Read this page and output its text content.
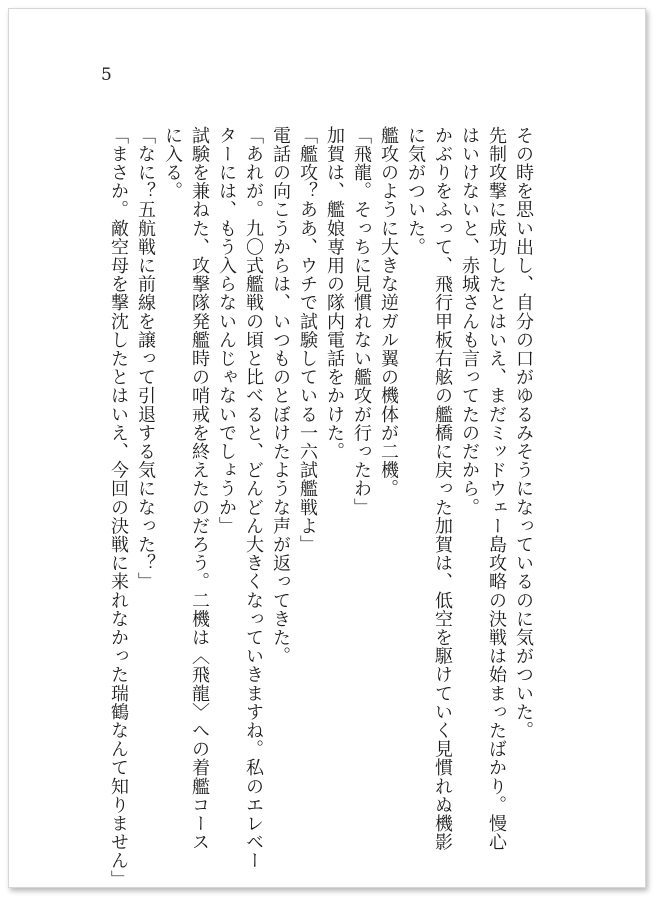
5

その時を思い出し、自分の口がゆるみそうになっているのに気がついた。

先制攻撃に成功したとはいえ、まだミッドウェー島攻略の決戦は始まったばかり。慢心

はいけないと、赤城さんも言ってたのだから。

かぶりをふって、飛行甲板右舷の艦橋に戻った加賀は、低空を駆けていく見慣れぬ機影

に気がついた。

艦攻のように大きな逆ガル翼の機体が二機。

「飛龍。そっちに見慣れない艦攻が行ったわ」

加賀は、艦娘専用の隊内電話をかけた。

「艦攻？ああ、ウチで試験している一六試艦戦よ」

電話の向こうからは、いつものとぼけたような声が返ってきた。

「あれが。九〇式艦戦の頃と比べると、どんどん大きくなっていきますね。私のエレベー

ターには、もう入らないんじゃないでしょうか」

試験を兼ねた、攻撃隊発艦時の哨戒を終えたのだろう。二機は〈飛龍〉への着艦コース

に入る。

「なに？五航戦に前線を譲って引退する気になった？」

「まさか。敵空母を撃沈したとはいえ、今回の決戦に来れなかった瑞鶴なんて知りません」
